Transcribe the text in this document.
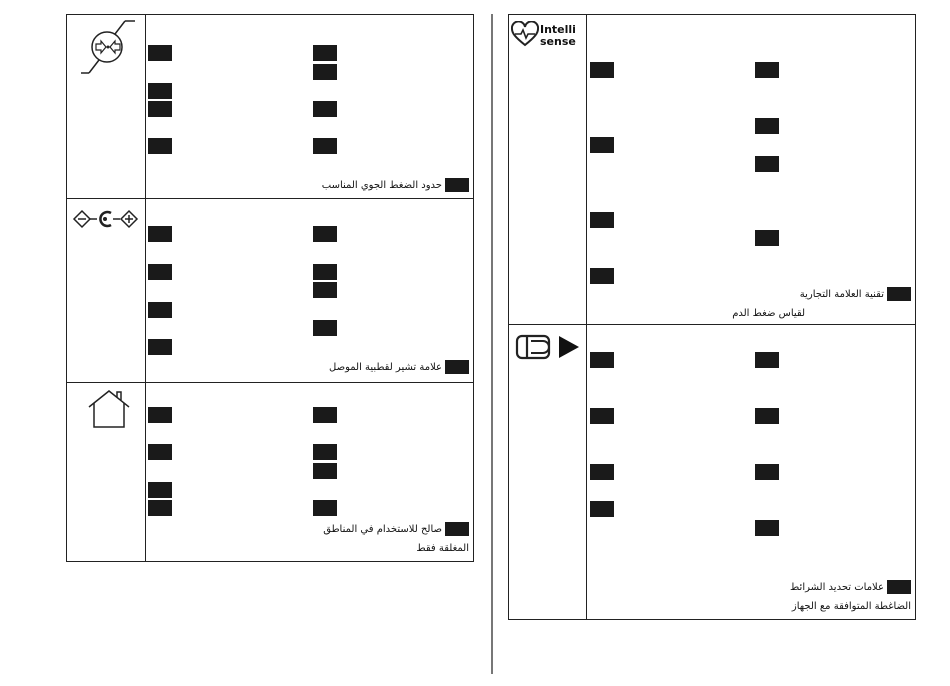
حدود الضغط الجوي المناسب
علامة تشير لقطبية الموصل
صالح للاستخدام في المناطق
المغلقة فقط
Intelli
sense
تقنية العلامة التجارية
لقياس ضغط الدم
علامات تحديد الشرائط
الضاغطة المتوافقة مع الجهاز
